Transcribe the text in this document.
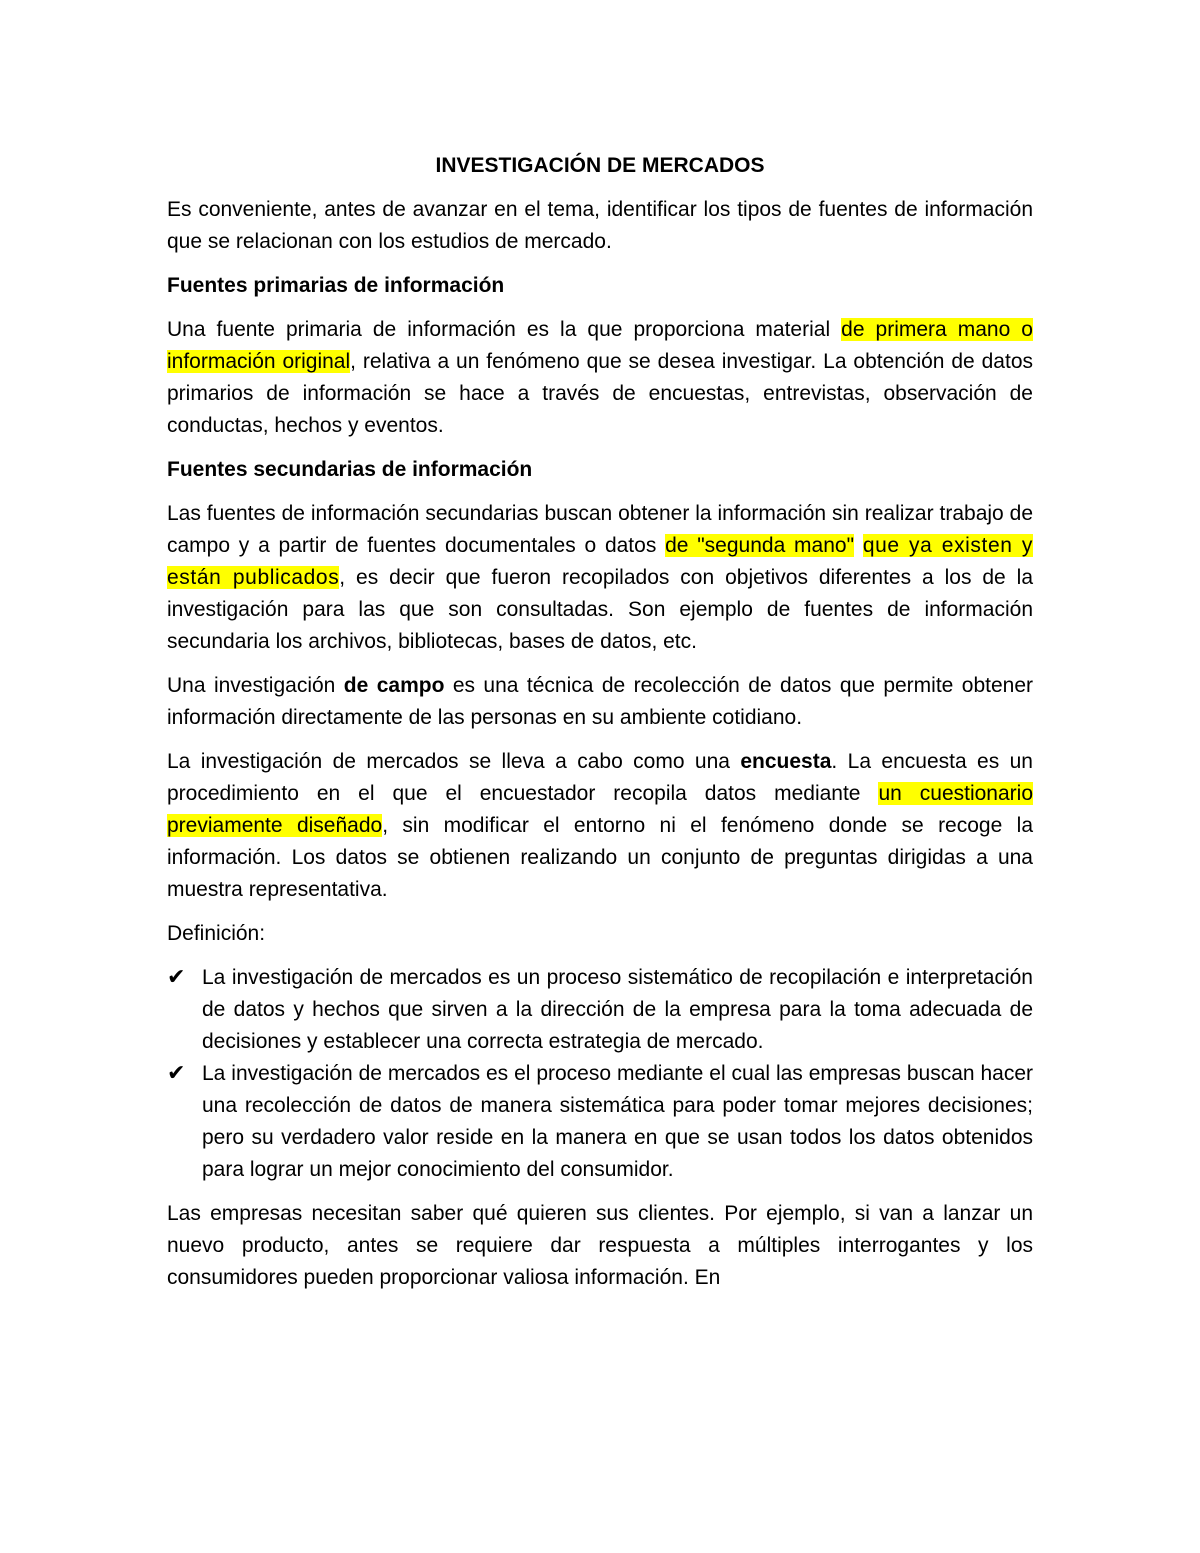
INVESTIGACIÓN DE MERCADOS

Es conveniente, antes de avanzar en el tema, identificar los tipos de fuentes de información que se relacionan con los estudios de mercado.

Fuentes primarias de información

Una fuente primaria de información es la que proporciona material de primera mano o información original, relativa a un fenómeno que se desea investigar. La obtención de datos primarios de información se hace a través de encuestas, entrevistas, observación de conductas, hechos y eventos.

Fuentes secundarias de información

Las fuentes de información secundarias buscan obtener la información sin realizar trabajo de campo y a partir de fuentes documentales o datos de "segunda mano" que ya existen y están publicados, es decir que fueron recopilados con objetivos diferentes a los de la investigación para las que son consultadas. Son ejemplo de fuentes de información secundaria los archivos, bibliotecas, bases de datos, etc.

Una investigación de campo es una técnica de recolección de datos que permite obtener información directamente de las personas en su ambiente cotidiano.

La investigación de mercados se lleva a cabo como una encuesta. La encuesta es un procedimiento en el que el encuestador recopila datos mediante un cuestionario previamente diseñado, sin modificar el entorno ni el fenómeno donde se recoge la información. Los datos se obtienen realizando un conjunto de preguntas dirigidas a una muestra representativa.

Definición:

✔ La investigación de mercados es un proceso sistemático de recopilación e interpretación de datos y hechos que sirven a la dirección de la empresa para la toma adecuada de decisiones y establecer una correcta estrategia de mercado.
✔ La investigación de mercados es el proceso mediante el cual las empresas buscan hacer una recolección de datos de manera sistemática para poder tomar mejores decisiones; pero su verdadero valor reside en la manera en que se usan todos los datos obtenidos para lograr un mejor conocimiento del consumidor.

Las empresas necesitan saber qué quieren sus clientes. Por ejemplo, si van a lanzar un nuevo producto, antes se requiere dar respuesta a múltiples interrogantes y los consumidores pueden proporcionar valiosa información. En
